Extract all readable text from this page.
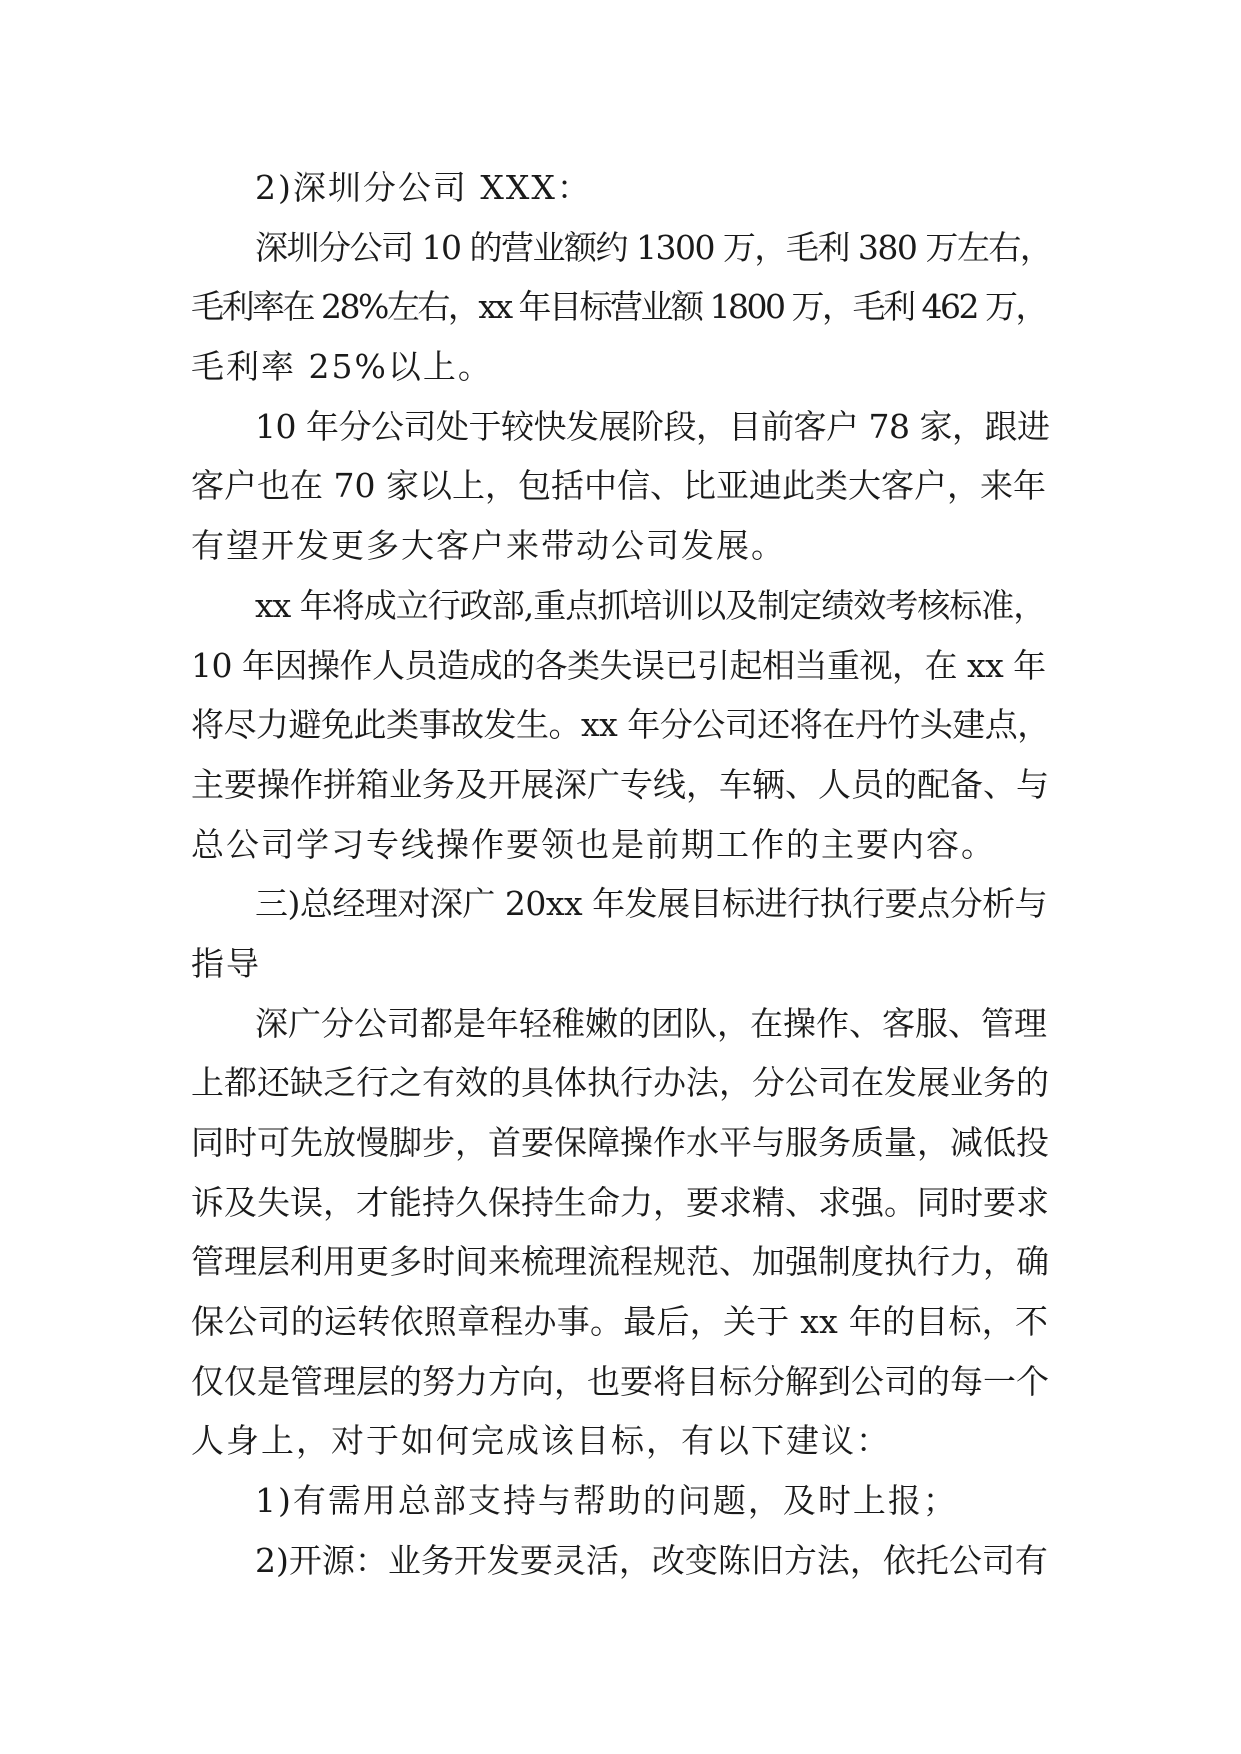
2)深圳分公司 XXX：
深圳分公司 10 的营业额约 1300 万，毛利 380 万左右，
毛利率在 28%左右，xx 年目标营业额 1800 万，毛利 462 万，
毛利率 25%以上。
10 年分公司处于较快发展阶段，目前客户 78 家，跟进
客户也在 70 家以上，包括中信、比亚迪此类大客户，来年
有望开发更多大客户来带动公司发展。
xx 年将成立行政部,重点抓培训以及制定绩效考核标准，
10 年因操作人员造成的各类失误已引起相当重视，在 xx 年
将尽力避免此类事故发生。xx 年分公司还将在丹竹头建点，
主要操作拼箱业务及开展深广专线，车辆、人员的配备、与
总公司学习专线操作要领也是前期工作的主要内容。
三)总经理对深广 20xx 年发展目标进行执行要点分析与
指导
深广分公司都是年轻稚嫩的团队，在操作、客服、管理
上都还缺乏行之有效的具体执行办法，分公司在发展业务的
同时可先放慢脚步，首要保障操作水平与服务质量，减低投
诉及失误，才能持久保持生命力，要求精、求强。同时要求
管理层利用更多时间来梳理流程规范、加强制度执行力，确
保公司的运转依照章程办事。最后，关于 xx 年的目标，不
仅仅是管理层的努力方向，也要将目标分解到公司的每一个
人身上，对于如何完成该目标，有以下建议：
1)有需用总部支持与帮助的问题，及时上报；
2)开源：业务开发要灵活，改变陈旧方法，依托公司有
